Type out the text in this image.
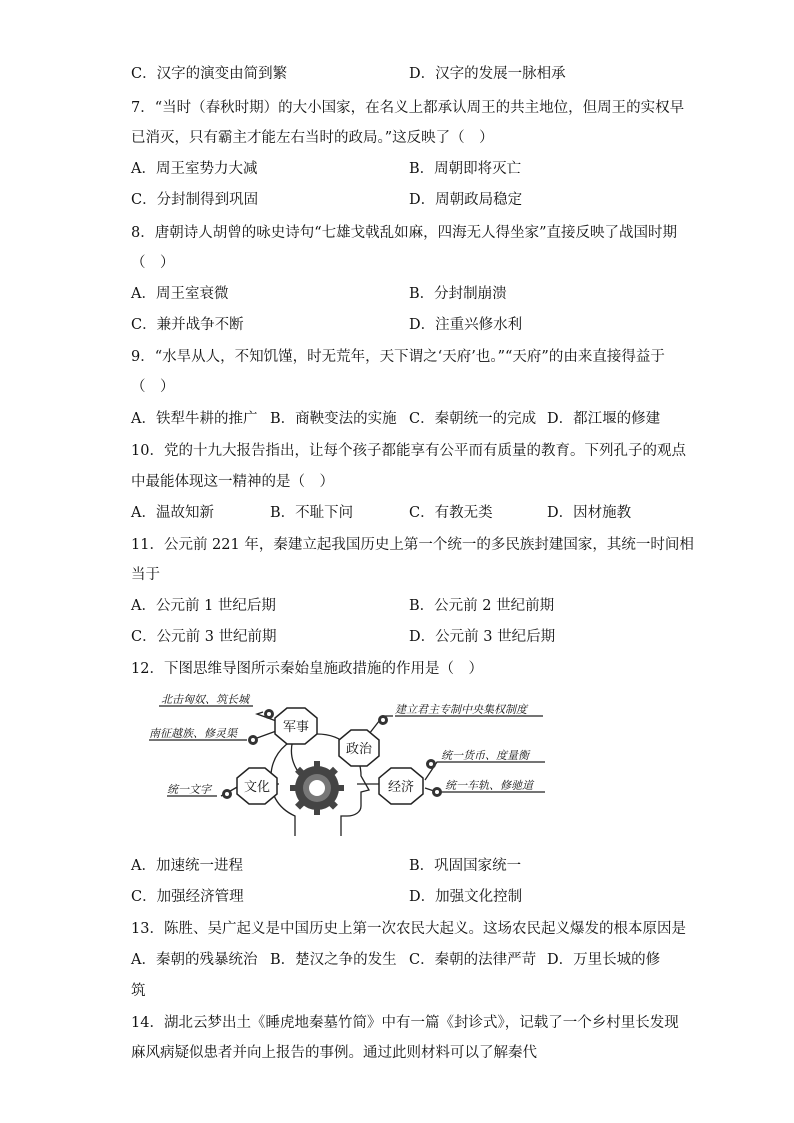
C．汉字的演变由简到繁	D．汉字的发展一脉相承
7．“当时（春秋时期）的大小国家，在名义上都承认周王的共主地位，但周王的实权早
已消灭，只有霸主才能左右当时的政局。”这反映了（　）
A．周王室势力大减	B．周朝即将灭亡
C．分封制得到巩固	D．周朝政局稳定
8．唐朝诗人胡曾的咏史诗句“七雄戈戟乱如麻，四海无人得坐家”直接反映了战国时期
（　）
A．周王室衰微	B．分封制崩溃
C．兼并战争不断	D．注重兴修水利
9．“水旱从人，不知饥馑，时无荒年，天下谓之‘天府’也。”“天府”的由来直接得益于
（　）
A．铁犁牛耕的推广 B．商鞅变法的实施 C．秦朝统一的完成 D．都江堰的修建
10．党的十九大报告指出，让每个孩子都能享有公平而有质量的教育。下列孔子的观点
中最能体现这一精神的是（　）
A．温故知新	B．不耻下问	C．有教无类	D．因材施教
11．公元前 221 年，秦建立起我国历史上第一个统一的多民族封建国家，其统一时间相
当于
A．公元前 1 世纪后期	B．公元前 2 世纪前期
C．公元前 3 世纪前期	D．公元前 3 世纪后期
12．下图思维导图所示秦始皇施政措施的作用是（　）
军事
政治
文化	经济
北击匈奴、筑长城
南征越族、修灵渠
建立君主专制中央集权制度
统一文字
统一货币、度量衡
统一车轨、修驰道
A．加速统一进程	B．巩固国家统一
C．加强经济管理	D．加强文化控制
13．陈胜、吴广起义是中国历史上第一次农民大起义。这场农民起义爆发的根本原因是
A．秦朝的残暴统治 B．楚汉之争的发生 C．秦朝的法律严苛 D．万里长城的修
筑
14．湖北云梦出土《睡虎地秦墓竹简》中有一篇《封诊式》，记载了一个乡村里长发现
麻风病疑似患者并向上报告的事例。通过此则材料可以了解秦代
